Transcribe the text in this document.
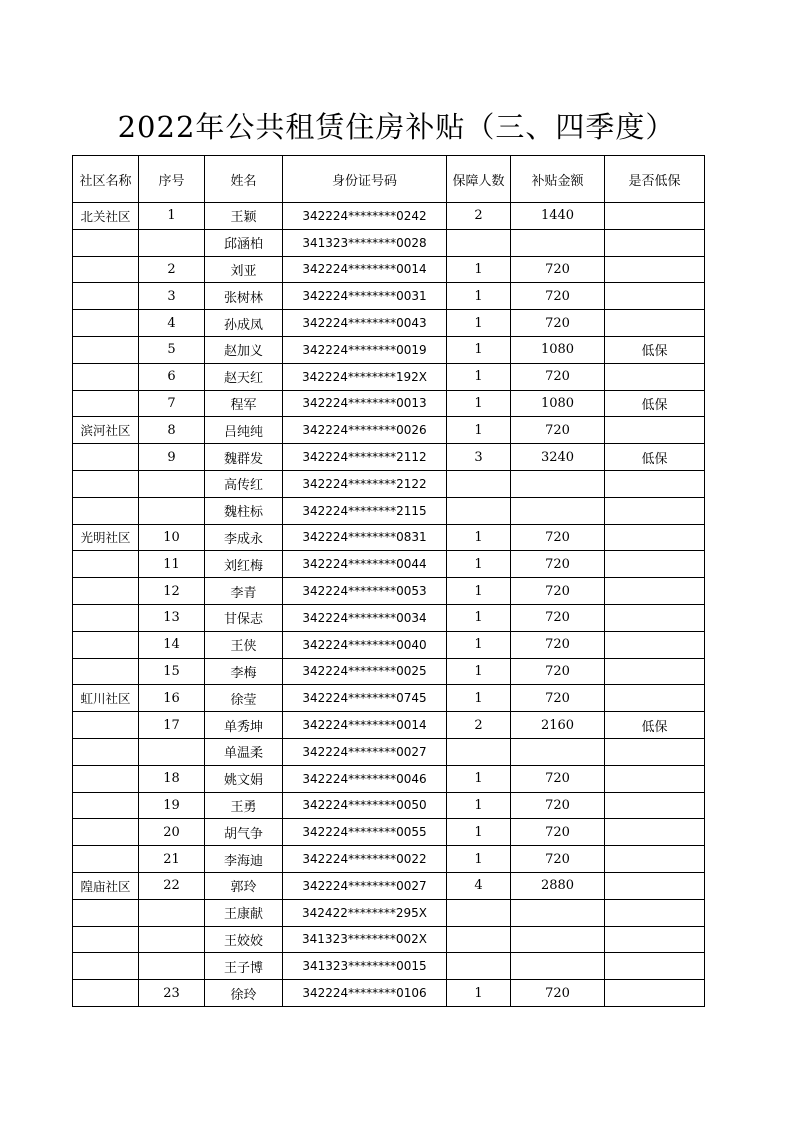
2022年公共租赁住房补贴（三、四季度）
社区名称	序号	姓名	身份证号码	保障人数	补贴金额	是否低保
北关社区	1	王颖	342224********0242	2	1440	
		邱涵柏	341323********0028			
	2	刘亚	342224********0014	1	720	
	3	张树林	342224********0031	1	720	
	4	孙成凤	342224********0043	1	720	
	5	赵加义	342224********0019	1	1080	低保
	6	赵天红	342224********192X	1	720	
	7	程军	342224********0013	1	1080	低保
滨河社区	8	吕纯纯	342224********0026	1	720	
	9	魏群发	342224********2112	3	3240	低保
		高传红	342224********2122			
		魏柱标	342224********2115			
光明社区	10	李成永	342224********0831	1	720	
	11	刘红梅	342224********0044	1	720	
	12	李青	342224********0053	1	720	
	13	甘保志	342224********0034	1	720	
	14	王侠	342224********0040	1	720	
	15	李梅	342224********0025	1	720	
虹川社区	16	徐莹	342224********0745	1	720	
	17	单秀坤	342224********0014	2	2160	低保
		单温柔	342224********0027			
	18	姚文娟	342224********0046	1	720	
	19	王勇	342224********0050	1	720	
	20	胡气争	342224********0055	1	720	
	21	李海迪	342224********0022	1	720	
隍庙社区	22	郭玲	342224********0027	4	2880	
		王康献	342422********295X			
		王姣姣	341323********002X			
		王子博	341323********0015			
	23	徐玲	342224********0106	1	720	
